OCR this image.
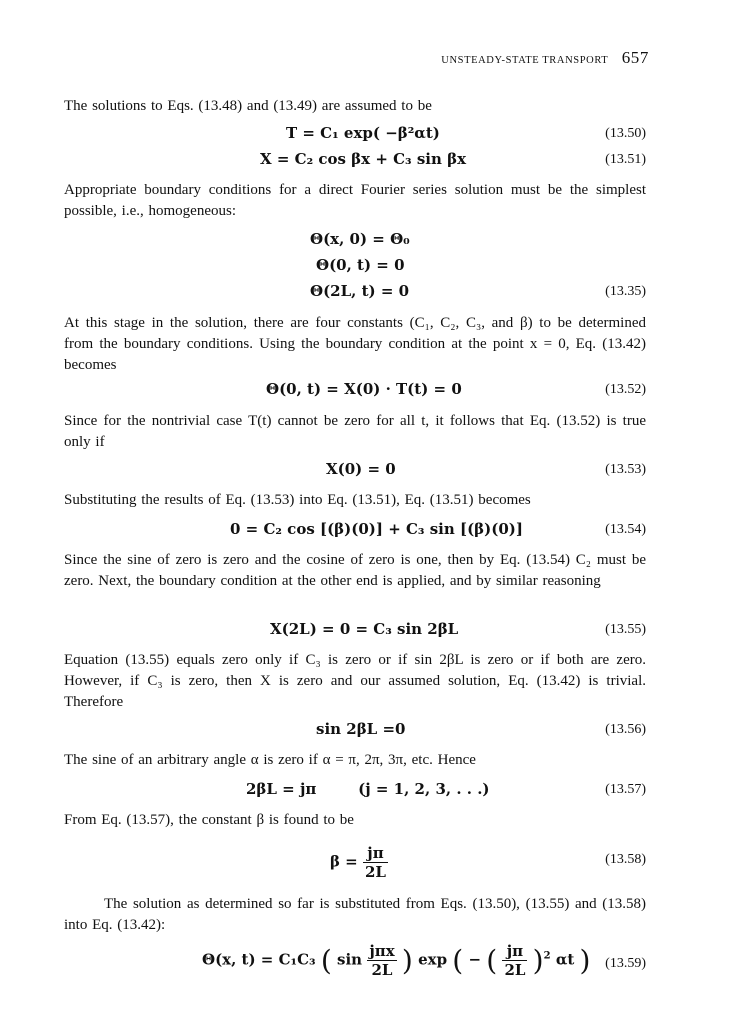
UNSTEADY-STATE TRANSPORT 657
The solutions to Eqs. (13.48) and (13.49) are assumed to be
T = C₁ exp( −β²αt)	(13.50)
X = C₂ cos βx + C₃ sin βx	(13.51)
Appropriate boundary conditions for a direct Fourier series solution must be the simplest possible, i.e., homogeneous:
Θ(x, 0) = Θ₀
Θ(0, t) = 0
Θ(2L, t) = 0	(13.35)
At this stage in the solution, there are four constants (C₁, C₂, C₃, and β) to be determined from the boundary conditions. Using the boundary condition at the point x = 0, Eq. (13.42) becomes
Θ(0, t) = X(0) · T(t) = 0	(13.52)
Since for the nontrivial case T(t) cannot be zero for all t, it follows that Eq. (13.52) is true only if
X(0) = 0	(13.53)
Substituting the results of Eq. (13.53) into Eq. (13.51), Eq. (13.51) becomes
0 = C₂ cos [(β)(0)] + C₃ sin [(β)(0)]	(13.54)
Since the sine of zero is zero and the cosine of zero is one, then by Eq. (13.54) C₂ must be zero. Next, the boundary condition at the other end is applied, and by similar reasoning
X(2L) = 0 = C₃ sin 2βL	(13.55)
Equation (13.55) equals zero only if C₃ is zero or if sin 2βL is zero or if both are zero. However, if C₃ is zero, then X is zero and our assumed solution, Eq. (13.42) is trivial. Therefore
sin 2βL =0	(13.56)
The sine of an arbitrary angle α is zero if α = π, 2π, 3π, etc. Hence
2βL = jπ        (j = 1, 2, 3, . . .)	(13.57)
From Eq. (13.57), the constant β is found to be
$\beta = \frac{j\pi}{2L}$	(13.58)
The solution as determined so far is substituted from Eqs. (13.50), (13.55) and (13.58) into Eq. (13.42):
Θ(x, t) = C₁C₃ ( $\sin \frac{\text{jπx}}{2L}$ ) exp ( − ( $\frac{j\pi}{2L} )^2$ αt ) (13.59)
